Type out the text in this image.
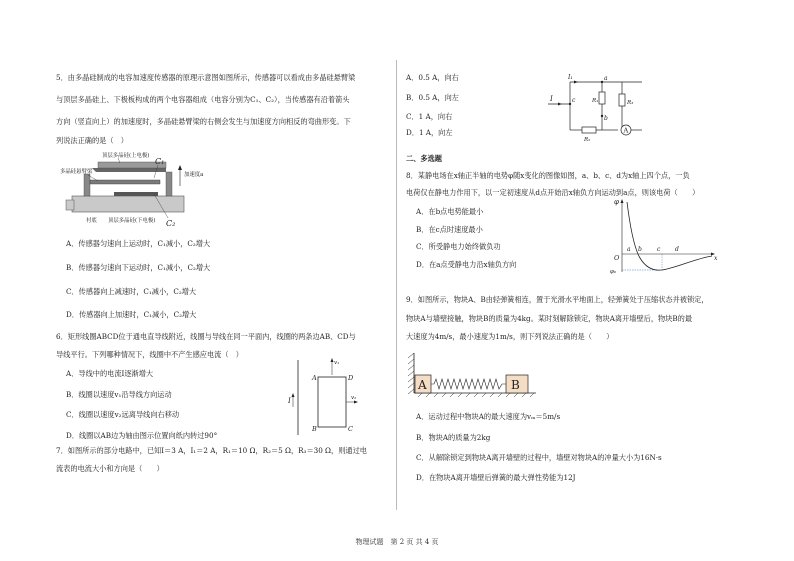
5．由多晶硅制成的电容加速度传感器的原理示意图如图所示，传感器可以看成由多晶硅悬臂梁
与顶层多晶硅上、下极板构成的两个电容器组成（电容分别为C₁、C₂），当传感器有沿着箭头
方向（竖直向上）的加速度时，多晶硅悬臂梁的右侧会发生与加速度方向相反的弯曲形变。下
列说法正确的是（　）
顶层多晶硅(上电极)
多晶硅悬臂梁
C₁
C₂
加速度a
衬底 顶层多晶硅(下电极)
A．传感器匀速向上运动时，C₁减小，C₂增大
B．传感器匀速向下运动时，C₁减小，C₂增大
C．传感器向上减速时，C₁减小，C₂增大
D．传感器向上加速时，C₁减小，C₂增大
6．矩形线圈ABCD位于通电直导线附近，线圈与导线在同一平面内，线圈的两条边AB、CD与
导线平行。下列哪种情况下，线圈中不产生感应电流（　）
A．导线中的电流I逐渐增大
B．线圈以速度v₁沿导线方向运动
C．线圈以速度v₂远离导线向右移动
D．线圈以AB边为轴由图示位置向纸内转过90°
I
A
B	C
D
v₁
v₂
7．如图所示的部分电路中，已知I＝3 A，I₁＝2 A，R₁＝10 Ω，R₂＝5 Ω，R₃＝30 Ω，则通过电
流表的电流大小和方向是（　　）
A．0.5 A，向右
B．0.5 A，向左
C．1 A，向右
D．1 A，向左
I	c
I₁	a
R₁
b
R₃
R₂
A
二、多选题
8．某静电场在x轴正半轴的电势φ随x变化的图像如图，a、b、c、d为x轴上四个点，一负
电荷仅在静电力作用下，以一定初速度从d点开始沿x轴负方向运动到a点，则该电荷（　　）
A．在b点电势能最小
B．在c点时速度最小
C．所受静电力始终做负功
D．在a点受静电力沿x轴负方向
φ
O	x
φ₀
a b	c d
9．如图所示，物块A、B由轻弹簧相连，置于光滑水平地面上，轻弹簧处于压缩状态并被锁定，
物块A与墙壁接触，物块B的质量为4kg。某时刻解除锁定，物块A离开墙壁后，物块B的最
大速度为4m/s，最小速度为1m/s，则下列说法正确的是（　　）
A	B
A．运动过程中物块A的最大速度为vₘ＝5m/s
B．物块A的质量为2kg
C．从解除锁定到物块A离开墙壁的过程中，墙壁对物块A的冲量大小为16N·s
D．在物块A离开墙壁后弹簧的最大弹性势能为12J
物理试题　第 2 页 共 4 页
